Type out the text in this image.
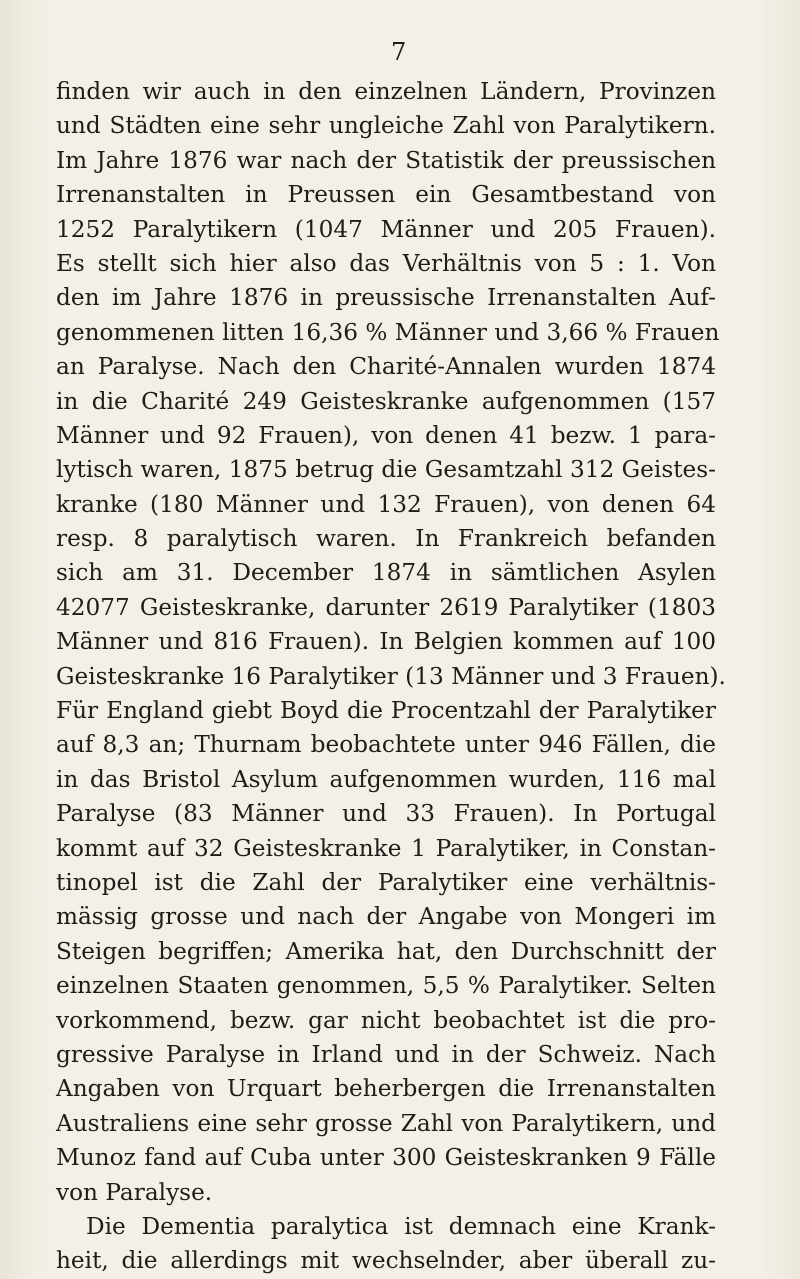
7
finden wir auch in den einzelnen Ländern, Provinzen
und Städten eine sehr ungleiche Zahl von Paralytikern.
Im Jahre 1876 war nach der Statistik der preussischen
Irrenanstalten in Preussen ein Gesamtbestand von
1252 Paralytikern (1047 Männer und 205 Frauen).
Es stellt sich hier also das Verhältnis von 5 : 1. Von
den im Jahre 1876 in preussische Irrenanstalten Auf-
genommenen litten 16,36 % Männer und 3,66 % Frauen
an Paralyse. Nach den Charité-Annalen wurden 1874
in die Charité 249 Geisteskranke aufgenommen (157
Männer und 92 Frauen), von denen 41 bezw. 1 para-
lytisch waren, 1875 betrug die Gesamtzahl 312 Geistes-
kranke (180 Männer und 132 Frauen), von denen 64
resp. 8 paralytisch waren. In Frankreich befanden
sich am 31. December 1874 in sämtlichen Asylen
42077 Geisteskranke, darunter 2619 Paralytiker (1803
Männer und 816 Frauen). In Belgien kommen auf 100
Geisteskranke 16 Paralytiker (13 Männer und 3 Frauen).
Für England giebt Boyd die Procentzahl der Paralytiker
auf 8,3 an; Thurnam beobachtete unter 946 Fällen, die
in das Bristol Asylum aufgenommen wurden, 116 mal
Paralyse (83 Männer und 33 Frauen). In Portugal
kommt auf 32 Geisteskranke 1 Paralytiker, in Constan-
tinopel ist die Zahl der Paralytiker eine verhältnis-
mässig grosse und nach der Angabe von Mongeri im
Steigen begriffen; Amerika hat, den Durchschnitt der
einzelnen Staaten genommen, 5,5 % Paralytiker. Selten
vorkommend, bezw. gar nicht beobachtet ist die pro-
gressive Paralyse in Irland und in der Schweiz. Nach
Angaben von Urquart beherbergen die Irrenanstalten
Australiens eine sehr grosse Zahl von Paralytikern, und
Munoz fand auf Cuba unter 300 Geisteskranken 9 Fälle
von Paralyse.
Die Dementia paralytica ist demnach eine Krank-
heit, die allerdings mit wechselnder, aber überall zu-
